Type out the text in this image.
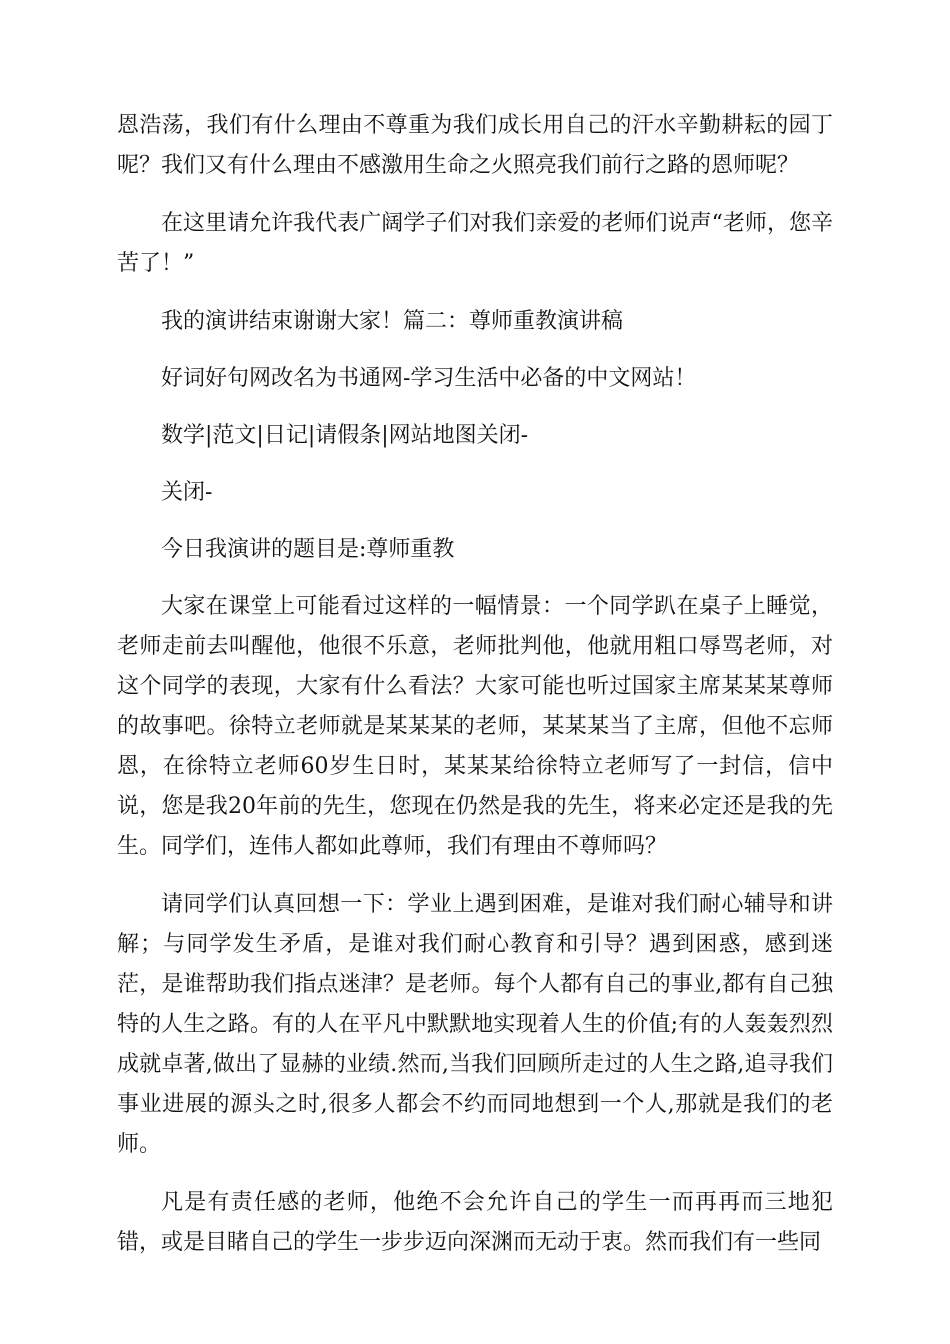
恩浩荡，我们有什么理由不尊重为我们成长用自己的汗水辛勤耕耘的园丁呢？我们又有什么理由不感激用生命之火照亮我们前行之路的恩师呢？

在这里请允许我代表广阔学子们对我们亲爱的老师们说声“老师，您辛苦了！”

我的演讲结束谢谢大家！篇二：尊师重教演讲稿

好词好句网改名为书通网-学习生活中必备的中文网站！

数学|范文|日记|请假条|网站地图关闭-

关闭-

今日我演讲的题目是:尊师重教

大家在课堂上可能看过这样的一幅情景：一个同学趴在桌子上睡觉，老师走前去叫醒他，他很不乐意，老师批判他，他就用粗口辱骂老师，对这个同学的表现，大家有什么看法？大家可能也听过国家主席某某某尊师的故事吧。徐特立老师就是某某某的老师，某某某当了主席，但他不忘师恩，在徐特立老师60岁生日时，某某某给徐特立老师写了一封信，信中说，您是我20年前的先生，您现在仍然是我的先生，将来必定还是我的先生。同学们，连伟人都如此尊师，我们有理由不尊师吗？

请同学们认真回想一下：学业上遇到困难，是谁对我们耐心辅导和讲解；与同学发生矛盾，是谁对我们耐心教育和引导？遇到困惑，感到迷茫，是谁帮助我们指点迷津？是老师。每个人都有自己的事业,都有自己独特的人生之路。有的人在平凡中默默地实现着人生的价值;有的人轰轰烈烈成就卓著,做出了显赫的业绩.然而,当我们回顾所走过的人生之路,追寻我们事业进展的源头之时,很多人都会不约而同地想到一个人,那就是我们的老师。

凡是有责任感的老师，他绝不会允许自己的学生一而再再而三地犯错，或是目睹自己的学生一步步迈向深渊而无动于衷。然而我们有一些同
